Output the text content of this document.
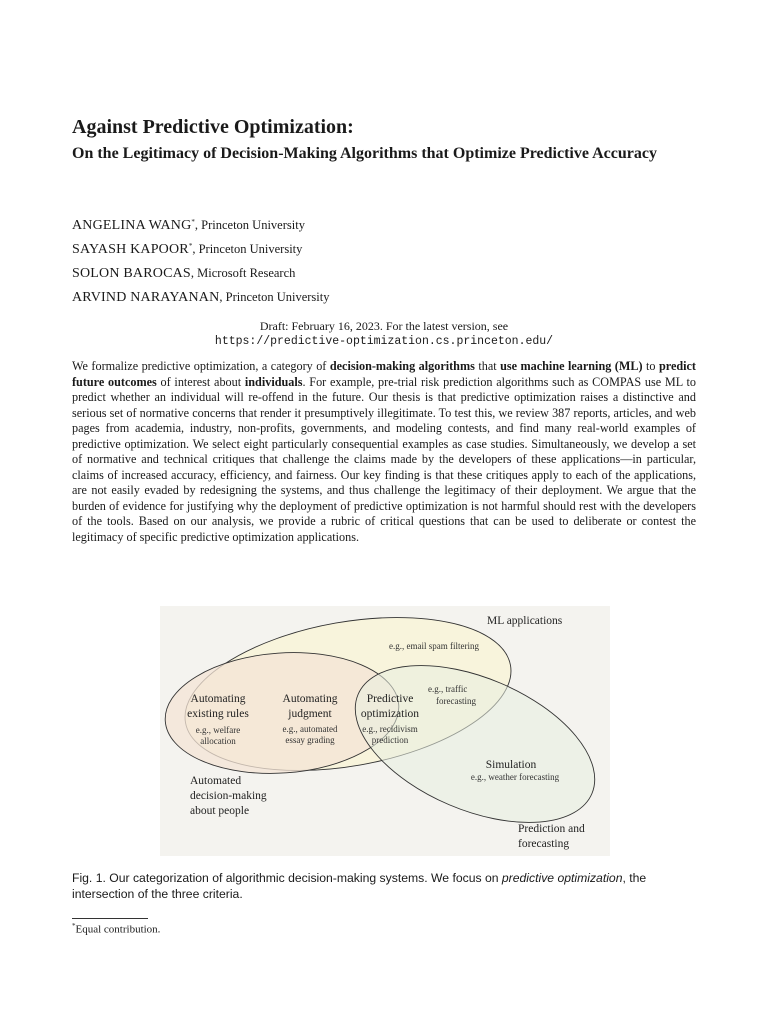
Against Predictive Optimization:
On the Legitimacy of Decision-Making Algorithms that Optimize Predictive Accuracy
ANGELINA WANG*, Princeton University
SAYASH KAPOOR*, Princeton University
SOLON BAROCAS, Microsoft Research
ARVIND NARAYANAN, Princeton University
Draft: February 16, 2023. For the latest version, see
https://predictive-optimization.cs.princeton.edu/

We formalize predictive optimization, a category of decision-making algorithms that use machine learning (ML) to predict future outcomes of interest about individuals. For example, pre-trial risk prediction algorithms such as COMPAS use ML to predict whether an individual will re-offend in the future. Our thesis is that predictive optimization raises a distinctive and serious set of normative concerns that render it presumptively illegitimate. To test this, we review 387 reports, articles, and web pages from academia, industry, non-profits, governments, and modeling contests, and find many real-world examples of predictive optimization. We select eight particularly consequential examples as case studies. Simultaneously, we develop a set of normative and technical critiques that challenge the claims made by the developers of these applications—in particular, claims of increased accuracy, efficiency, and fairness. Our key finding is that these critiques apply to each of the applications, are not easily evaded by redesigning the systems, and thus challenge the legitimacy of their deployment. We argue that the burden of evidence for justifying why the deployment of predictive optimization is not harmful should rest with the developers of the tools. Based on our analysis, we provide a rubric of critical questions that can be used to deliberate or contest the legitimacy of specific predictive optimization applications.

ML applications
e.g., email spam filtering
e.g., traffic
forecasting
Automating
existing rules
e.g., welfare
allocation
Automating
judgment
e.g., automated
essay grading
Predictive
optimization
e.g., recidivism
prediction
Simulation
e.g., weather forecasting
Automated
decision-making
about people
Prediction and
forecasting

Fig. 1. Our categorization of algorithmic decision-making systems. We focus on predictive optimization, the intersection of the three criteria.

*Equal contribution.
